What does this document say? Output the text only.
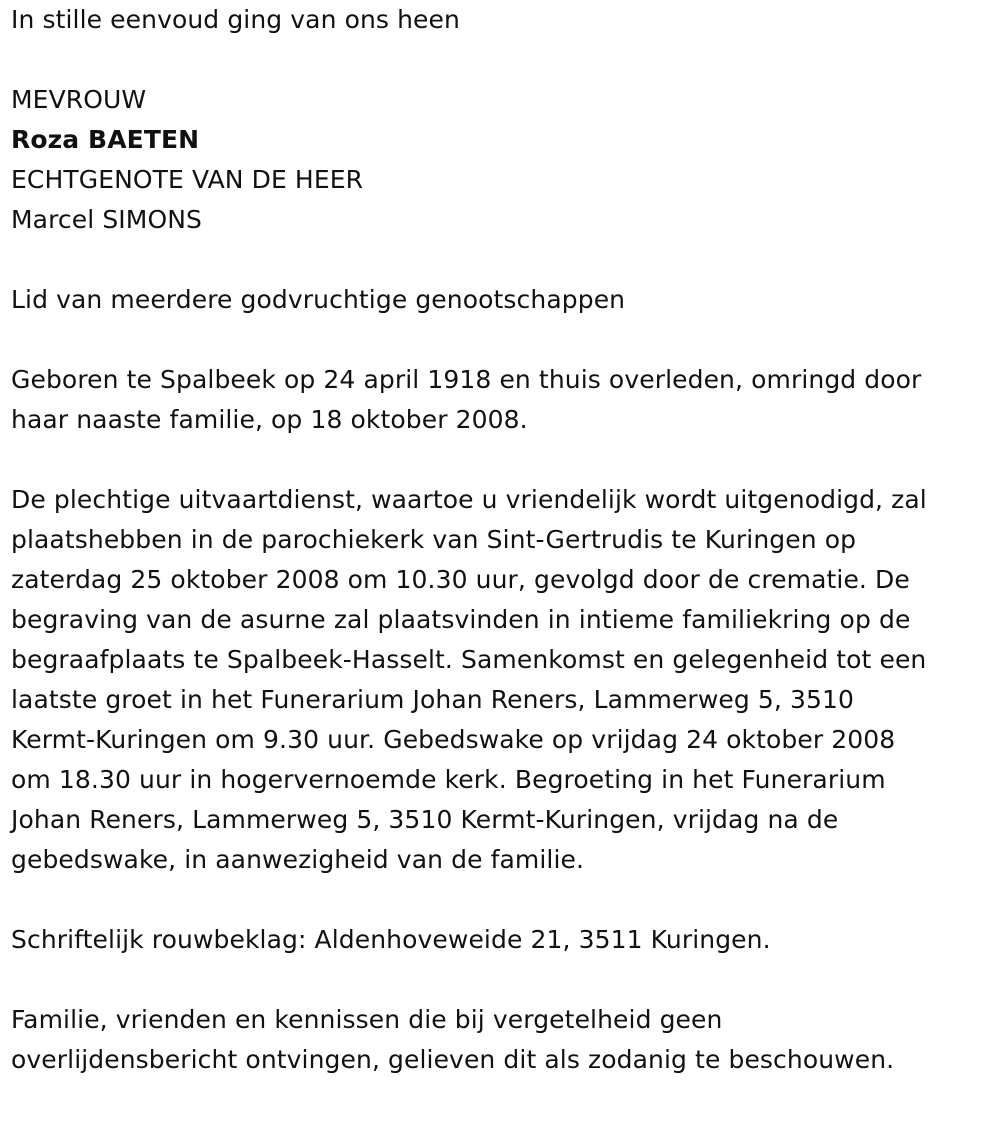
In stille eenvoud ging van ons heen
MEVROUW
Roza BAETEN
ECHTGENOTE VAN DE HEER
Marcel SIMONS
Lid van meerdere godvruchtige genootschappen
Geboren te Spalbeek op 24 april 1918 en thuis overleden, omringd door
haar naaste familie, op 18 oktober 2008.
De plechtige uitvaartdienst, waartoe u vriendelijk wordt uitgenodigd, zal
plaatshebben in de parochiekerk van Sint-Gertrudis te Kuringen op
zaterdag 25 oktober 2008 om 10.30 uur, gevolgd door de crematie. De
begraving van de asurne zal plaatsvinden in intieme familiekring op de
begraafplaats te Spalbeek-Hasselt. Samenkomst en gelegenheid tot een
laatste groet in het Funerarium Johan Reners, Lammerweg 5, 3510
Kermt-Kuringen om 9.30 uur. Gebedswake op vrijdag 24 oktober 2008
om 18.30 uur in hogervernoemde kerk. Begroeting in het Funerarium
Johan Reners, Lammerweg 5, 3510 Kermt-Kuringen, vrijdag na de
gebedswake, in aanwezigheid van de familie.
Schriftelijk rouwbeklag: Aldenhoveweide 21, 3511 Kuringen.
Familie, vrienden en kennissen die bij vergetelheid geen
overlijdensbericht ontvingen, gelieven dit als zodanig te beschouwen.
